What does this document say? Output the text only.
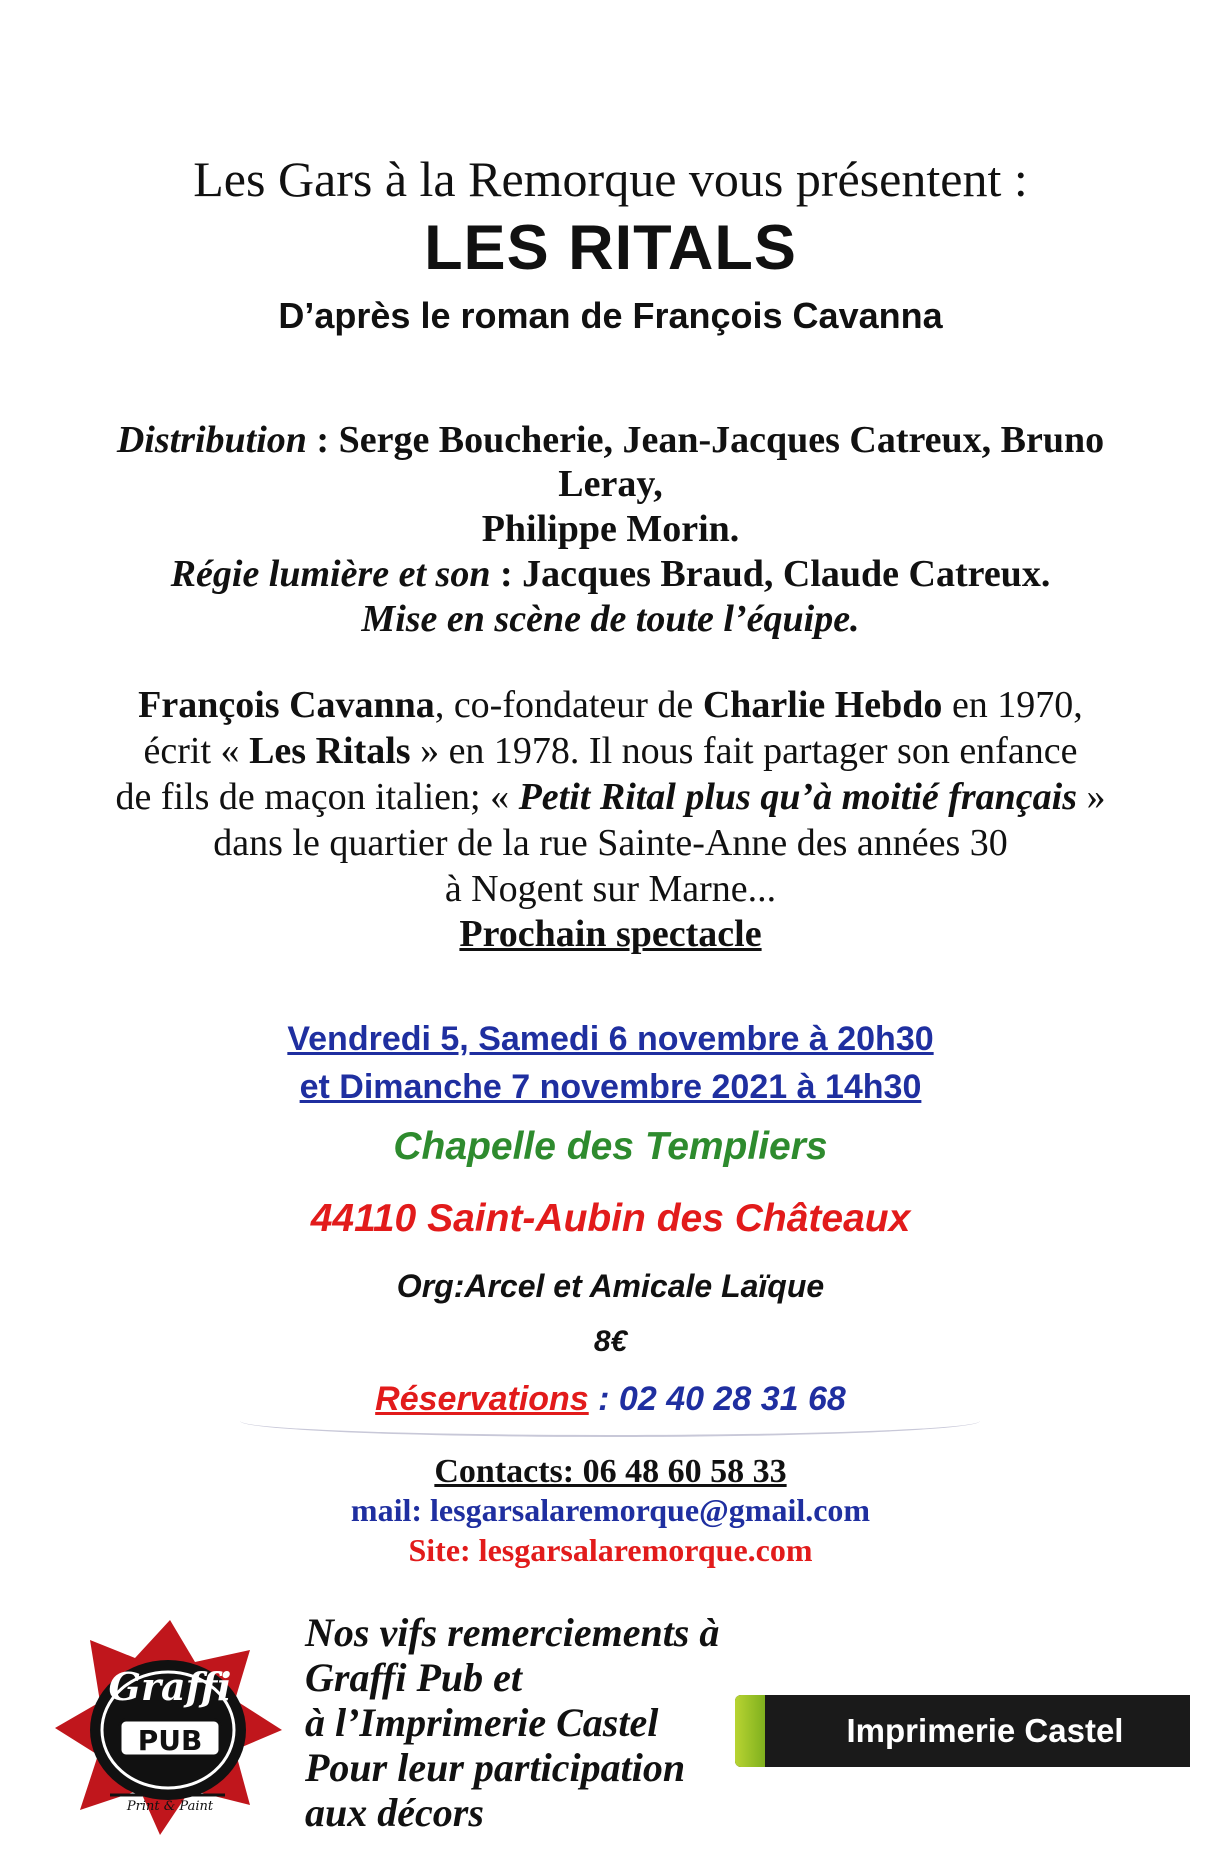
Les Gars à la Remorque vous présentent :
LES RITALS
D’après le roman de François Cavanna
Distribution : Serge Boucherie, Jean-Jacques Catreux, Bruno
Leray,
Philippe Morin.
Régie lumière et son : Jacques Braud, Claude Catreux.
Mise en scène de toute l’équipe.
François Cavanna, co-fondateur de Charlie Hebdo en 1970,
écrit « Les Ritals » en 1978. Il nous fait partager son enfance
de fils de maçon italien; « Petit Rital plus qu’à moitié français »
dans le quartier de la rue Sainte-Anne des années 30
à Nogent sur Marne...
Prochain spectacle
Vendredi 5, Samedi 6 novembre à 20h30
et Dimanche 7 novembre 2021 à 14h30
Chapelle des Templiers
44110 Saint-Aubin des Châteaux
Org:Arcel et Amicale Laïque
8€
Réservations : 02 40 28 31 68
Contacts: 06 48 60 58 33
mail: lesgarsalaremorque@gmail.com
Site: lesgarsalaremorque.com
Graffi
PUB
Print & Paint
Nos vifs remerciements à
Graffi Pub et
à l’Imprimerie Castel
Pour leur participation
aux décors
Imprimerie Castel
